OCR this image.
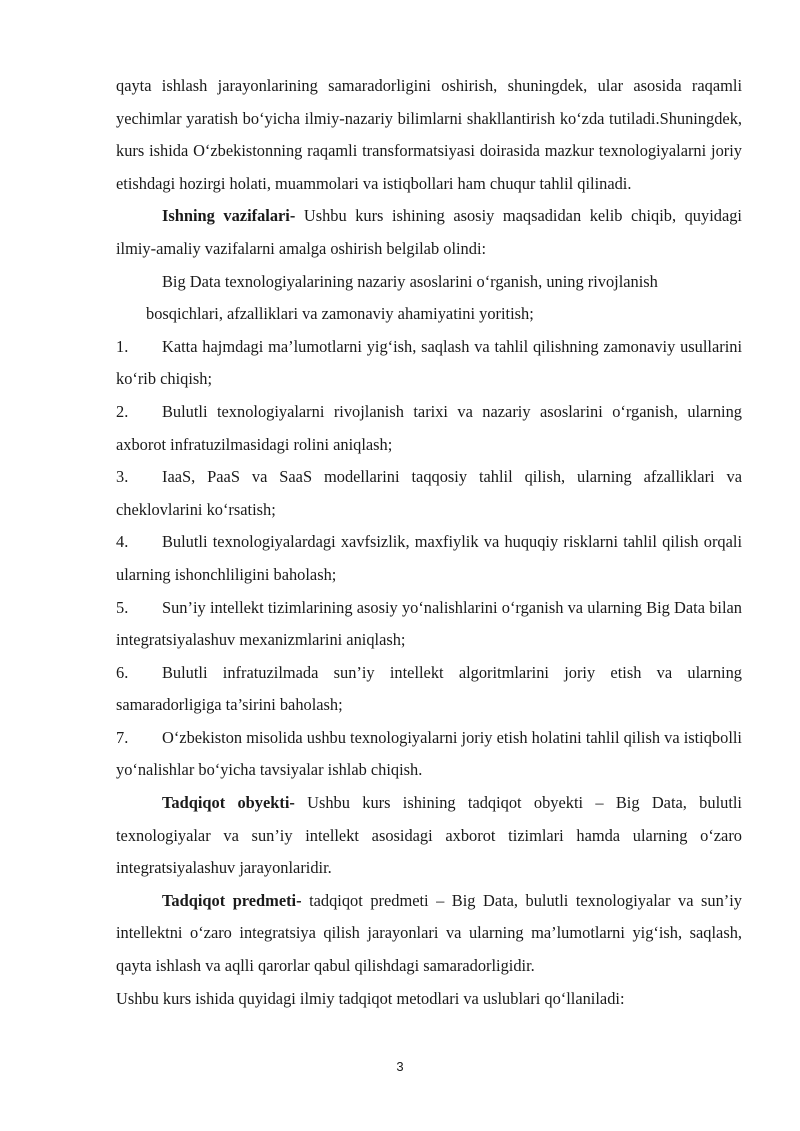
qayta ishlash jarayonlarining samaradorligini oshirish, shuningdek, ular asosida raqamli yechimlar yaratish bo‘yicha ilmiy-nazariy bilimlarni shakllantirish ko‘zda tutiladi.Shuningdek, kurs ishida O‘zbekistonning raqamli transformatsiyasi doirasida mazkur texnologiyalarni joriy etishdagi hozirgi holati, muammolari va istiqbollari ham chuqur tahlil qilinadi.

Ishning vazifalari- Ushbu kurs ishining asosiy maqsadidan kelib chiqib, quyidagi ilmiy-amaliy vazifalarni amalga oshirish belgilab olindi:

Big Data texnologiyalarining nazariy asoslarini o‘rganish, uning rivojlanish

bosqichlari, afzalliklari va zamonaviy ahamiyatini yoritish;

1. Katta hajmdagi ma’lumotlarni yig‘ish, saqlash va tahlil qilishning zamonaviy usullarini ko‘rib chiqish;

2. Bulutli texnologiyalarni rivojlanish tarixi va nazariy asoslarini o‘rganish, ularning axborot infratuzilmasidagi rolini aniqlash;

3. IaaS, PaaS va SaaS modellarini taqqosiy tahlil qilish, ularning afzalliklari va cheklovlarini ko‘rsatish;

4. Bulutli texnologiyalardagi xavfsizlik, maxfiylik va huquqiy risklarni tahlil qilish orqali ularning ishonchliligini baholash;

5. Sun’iy intellekt tizimlarining asosiy yo‘nalishlarini o‘rganish va ularning Big Data bilan integratsiyalashuv mexanizmlarini aniqlash;

6. Bulutli infratuzilmada sun’iy intellekt algoritmlarini joriy etish va ularning samaradorligiga ta’sirini baholash;

7. O‘zbekiston misolida ushbu texnologiyalarni joriy etish holatini tahlil qilish va istiqbolli yo‘nalishlar bo‘yicha tavsiyalar ishlab chiqish.

Tadqiqot obyekti- Ushbu kurs ishining tadqiqot obyekti – Big Data, bulutli texnologiyalar va sun’iy intellekt asosidagi axborot tizimlari hamda ularning o‘zaro integratsiyalashuv jarayonlaridir.

Tadqiqot predmeti- tadqiqot predmeti – Big Data, bulutli texnologiyalar va sun’iy intellektni o‘zaro integratsiya qilish jarayonlari va ularning ma’lumotlarni yig‘ish, saqlash, qayta ishlash va aqlli qarorlar qabul qilishdagi samaradorligidir.

Ushbu kurs ishida quyidagi ilmiy tadqiqot metodlari va uslublari qo‘llaniladi:

3
